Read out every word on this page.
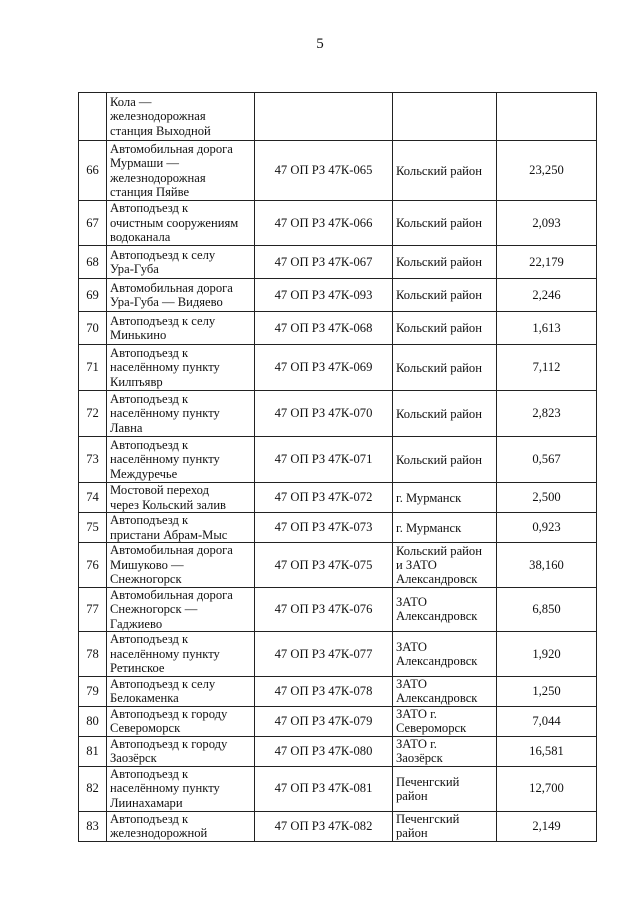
5

	Кола —
железнодорожная
станция Выходной			

66	Автомобильная дорога
Мурмаши —
железнодорожная
станция Пяйве	47 ОП РЗ 47К-065	Кольский район	23,250

67	Автоподъезд к
очистным сооружениям
водоканала	47 ОП РЗ 47К-066	Кольский район	2,093

68	Автоподъезд к селу
Ура-Губа	47 ОП РЗ 47К-067	Кольский район	22,179

69	Автомобильная дорога
Ура-Губа — Видяево	47 ОП РЗ 47К-093	Кольский район	2,246

70	Автоподъезд к селу
Минькино	47 ОП РЗ 47К-068	Кольский район	1,613

71	Автоподъезд к
населённому пункту
Килпъявр	47 ОП РЗ 47К-069	Кольский район	7,112

72	Автоподъезд к
населённому пункту
Лавна	47 ОП РЗ 47К-070	Кольский район	2,823

73	Автоподъезд к
населённому пункту
Междуречье	47 ОП РЗ 47К-071	Кольский район	0,567

74	Мостовой переход
через Кольский залив	47 ОП РЗ 47К-072	г. Мурманск	2,500

75	Автоподъезд к
пристани Абрам-Мыс	47 ОП РЗ 47К-073	г. Мурманск	0,923

76	Автомобильная дорога
Мишуково —
Снежногорск	47 ОП РЗ 47К-075	Кольский район
и ЗАТО
Александровск	38,160

77	Автомобильная дорога
Снежногорск —
Гаджиево	47 ОП РЗ 47К-076	ЗАТО
Александровск	6,850

78	Автоподъезд к
населённому пункту
Ретинское	47 ОП РЗ 47К-077	ЗАТО
Александровск	1,920

79	Автоподъезд к селу
Белокаменка	47 ОП РЗ 47К-078	ЗАТО
Александровск	1,250

80	Автоподъезд к городу
Североморск	47 ОП РЗ 47К-079	ЗАТО г.
Североморск	7,044

81	Автоподъезд к городу
Заозёрск	47 ОП РЗ 47К-080	ЗАТО г.
Заозёрск	16,581

82	Автоподъезд к
населённому пункту
Лиинахамари	47 ОП РЗ 47К-081	Печенгский
район	12,700

83	Автоподъезд к
железнодорожной	47 ОП РЗ 47К-082	Печенгский
район	2,149
